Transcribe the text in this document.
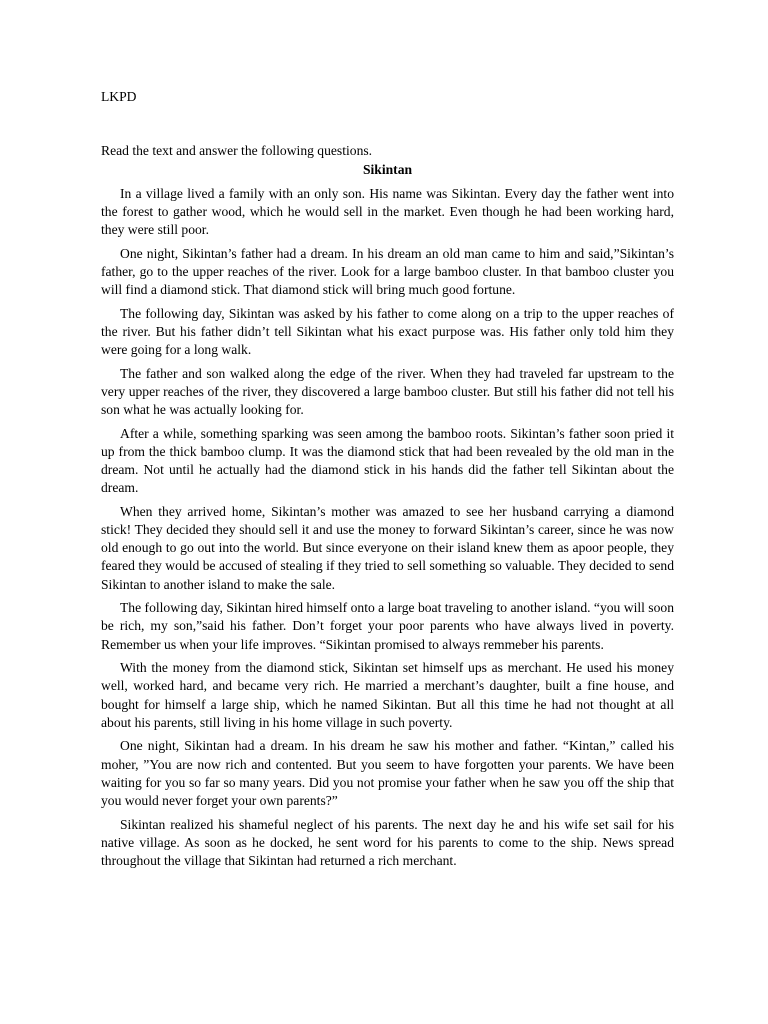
LKPD
Read the text and answer the following questions.
Sikintan

In a village lived a family with an only son. His name was Sikintan. Every day the father went into the forest to gather wood, which he would sell in the market. Even though he had been working hard, they were still poor.

One night, Sikintan’s father had a dream. In his dream an old man came to him and said,”Sikintan’s father, go to the upper reaches of the river. Look for a large bamboo cluster. In that bamboo cluster you will find a diamond stick. That diamond stick will bring much good fortune.

The following day, Sikintan was asked by his father to come along on a trip to the upper reaches of the river. But his father didn’t tell Sikintan what his exact purpose was. His father only told him they were going for a long walk.

The father and son walked along the edge of the river. When they had traveled far upstream to the very upper reaches of the river, they discovered a large bamboo cluster. But still his father did not tell his son what he was actually looking for.

After a while, something sparking was seen among the bamboo roots. Sikintan’s father soon pried it up from the thick bamboo clump. It was the diamond stick that had been revealed by the old man in the dream. Not until he actually had the diamond stick in his hands did the father tell Sikintan about the dream.

When they arrived home, Sikintan’s mother was amazed to see her husband carrying a diamond stick! They decided they should sell it and use the money to forward Sikintan’s career, since he was now old enough to go out into the world. But since everyone on their island knew them as apoor people, they feared they would be accused of stealing if they tried to sell something so valuable. They decided to send Sikintan to another island to make the sale.

The following day, Sikintan hired himself onto a large boat traveling to another island. “you will soon be rich, my son,”said his father. Don’t forget your poor parents who have always lived in poverty. Remember us when your life improves. “Sikintan promised to always remmeber his parents.

With the money from the diamond stick, Sikintan set himself ups as merchant. He used his money well, worked hard, and became very rich. He married a merchant’s daughter, built a fine house, and bought for himself a large ship, which he named Sikintan. But all this time he had not thought at all about his parents, still living in his home village in such poverty.

One night, Sikintan had a dream. In his dream he saw his mother and father. “Kintan,” called his moher, ”You are now rich and contented. But you seem to have forgotten your parents. We have been waiting for you so far so many years. Did you not promise your father when he saw you off the ship that you would never forget your own parents?”

Sikintan realized his shameful neglect of his parents. The next day he and his wife set sail for his native village. As soon as he docked, he sent word for his parents to come to the ship. News spread throughout the village that Sikintan had returned a rich merchant.
